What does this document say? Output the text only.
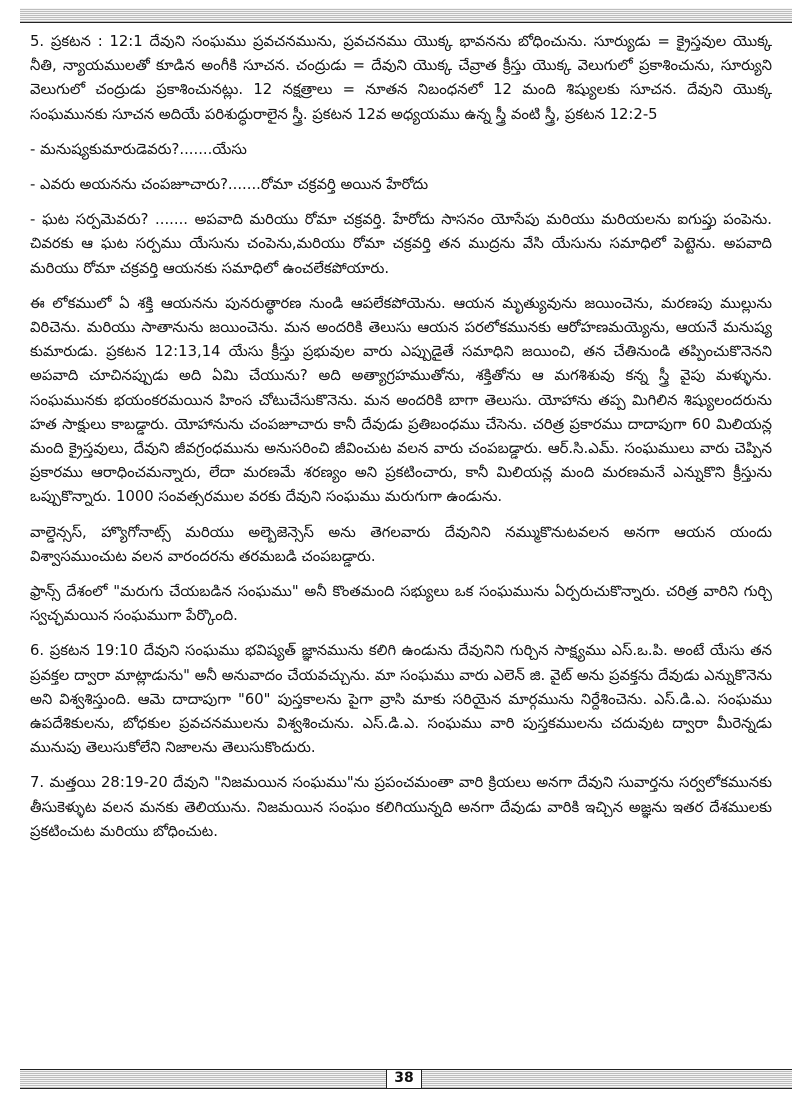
5. ప్రకటన : 12:1 దేవుని సంఘము ప్రవచనమును, ప్రవచనము యొక్క భావనను బోధించును. సూర్యుడు = క్రైస్తవుల యొక్క నీతి, న్యాయములతో కూడిన అంగీకి సూచన. చంద్రుడు = దేవుని యొక్క చేవ్రాత క్రీస్తు యొక్క వెలుగులో ప్రకాశించును, సూర్యుని వెలుగులో చంద్రుడు ప్రకాశించునట్లు. 12 నక్షత్రాలు = నూతన నిబంధనలో 12 మంది శిష్యులకు సూచన. దేవుని యొక్క సంఘమునకు సూచన అదియే పరిశుద్ధురాలైన స్త్రీ. ప్రకటన 12వ అధ్యయము ఉన్న స్త్రీ వంటి స్త్రీ, ప్రకటన 12:2-5

- మనుష్యకుమారుడెవరు?.......యేసు

- ఎవరు అయనను చంపజూచారు?.......రోమా చక్రవర్తి అయిన హేరోదు

- ఘట సర్పమెవరు? ....... అపవాది మరియు రోమా చక్రవర్తి. హేరోదు సాసనం యోసేపు మరియు మరియలను ఐగుప్తు పంపెను. చివరకు ఆ ఘట సర్పము యేసును చంపెను,మరియు రోమా చక్రవర్తి తన ముద్రను వేసి యేసును సమాధిలో పెట్టెను. అపవాది మరియు రోమా చక్రవర్తి ఆయనకు సమాధిలో ఉంచలేకపోయారు.

ఈ లోకములో ఏ శక్తి ఆయనను పునరుత్థారణ నుండి ఆపలేకపోయెను. ఆయన మృత్యువును జయించెను, మరణపు ముల్లును విరిచెను. మరియు సాతానును జయించెను. మన అందరికి తెలుసు ఆయన పరలోకమునకు ఆరోహణమయ్యెను, ఆయనే మనుష్య కుమారుడు. ప్రకటన 12:13,14 యేసు క్రీస్తు ప్రభువుల వారు ఎప్పుడైతే సమాధిని జయించి, తన చేతినుండి తప్పించుకొనెనని అపవాది చూచినప్పుడు అది ఏమి చేయును? అది అత్యాగ్రహముతోను, శక్తితోను ఆ మగశిశువు కన్న స్త్రీ వైపు మళ్ళును. సంఘమునకు భయంకరమయిన హింస చోటుచేసుకొనెను. మన అందరికి బాగా తెలుసు. యోహాను తప్ప మిగిలిన శిష్యులందరును హత సాక్షులు కాబడ్డారు. యోహానును చంపజూచారు కానీ దేవుడు ప్రతిబంధము చేసెను. చరిత్ర ప్రకారము దాదాపుగా 60 మిలియన్ల మంది క్రైస్తవులు, దేవుని జీవగ్రంధమును అనుసరించి జీవించుట వలన వారు చంపబడ్డారు. ఆర్.సి.ఎమ్. సంఘములు వారు చెప్పిన ప్రకారము ఆరాధించమన్నారు, లేదా మరణమే శరణ్యం అని ప్రకటించారు, కానీ మిలియన్ల మంది మరణమనే ఎన్నుకొని క్రీస్తును ఒప్పుకొన్నారు. 1000 సంవత్సరముల వరకు దేవుని సంఘము మరుగుగా ఉండును.

వాల్డెన్సస్, హ్యొగోనాట్స్ మరియు అల్బెజెన్సెస్ అను తెగలవారు దేవునిని నమ్ముకొనుటవలన అనగా ఆయన యందు విశ్వాసముంచుట వలన వారందరను తరమబడి చంపబడ్డారు.

ఫ్రాన్స్ దేశంలో "మరుగు చేయబడిన సంఘము" అనీ కొంతమంది సభ్యులు ఒక సంఘమును ఏర్పరుచుకొన్నారు. చరిత్ర వారిని గుర్చి స్వచ్ఛమయిన సంఘముగా పేర్కొంది.

6. ప్రకటన 19:10 దేవుని సంఘము భవిష్యత్ జ్ఞానమును కలిగి ఉండును దేవునిని గుర్చిన సాక్ష్యము ఎస్.ఒ.పి. అంటే యేసు తన ప్రవక్తల ద్వారా మాట్లాడును" అనీ అనువాదం చేయవచ్చును. మా సంఘము వారు ఎలెన్ జి. వైట్ అను ప్రవక్తను దేవుడు ఎన్నుకొనెను అని విశ్వశిస్తుంది. ఆమె దాదాపుగా "60" పుస్తకాలను పైగా వ్రాసి మాకు సరియైన మార్గమును నిర్దేశించెను. ఎస్.డి.ఎ. సంఘము ఉపదేశికులను, బోధకుల ప్రవచనములను విశ్వశించును. ఎస్.డి.ఎ. సంఘము వారి పుస్తకములను చదువుట ద్వారా మీరెన్నడు మునుపు తెలుసుకోలేని నిజాలను తెలుసుకొందురు.

7. మత్తయి 28:19-20 దేవుని "నిజమయిన సంఘము"ను ప్రపంచమంతా వారి క్రియలు అనగా దేవుని సువార్తను సర్వలోకమునకు తీసుకెళ్ళుట వలన మనకు తెలియును. నిజమయిన సంఘం కలిగియున్నది అనగా దేవుడు వారికి ఇచ్చిన అజ్ఞను ఇతర దేశములకు ప్రకటించుట మరియు బోధించుట.

38
